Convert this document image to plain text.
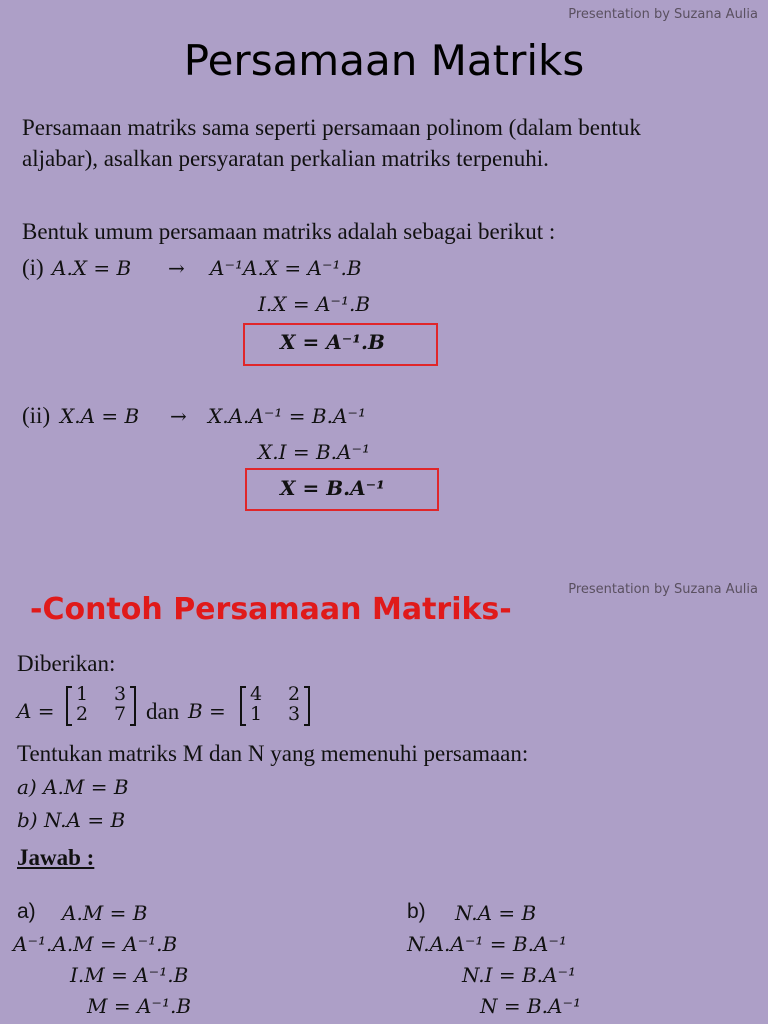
Presentation by Suzana Aulia
Persamaan Matriks
Persamaan matriks sama seperti persamaan polinom (dalam bentuk
aljabar), asalkan persyaratan perkalian matriks terpenuhi.
Bentuk umum persamaan matriks adalah sebagai berikut :
(i) A.X = B → A⁻¹A.X = A⁻¹.B
I.X = A⁻¹.B
X = A⁻¹.B
(ii) X.A = B → X.A.A⁻¹ = B.A⁻¹
X.I = B.A⁻¹
X = B.A⁻¹
Presentation by Suzana Aulia
-Contoh Persamaan Matriks-
Diberikan:
A =
1 3
2 7 dan B =
4 2
1 3
Tentukan matriks M dan N yang memenuhi persamaan:
a) A.M = B
b) N.A = B
Jawab :
a) A.M = B
A⁻¹.A.M = A⁻¹.B
I.M = A⁻¹.B
M = A⁻¹.B
b) N.A = B
N.A.A⁻¹ = B.A⁻¹
N.I = B.A⁻¹
N = B.A⁻¹
